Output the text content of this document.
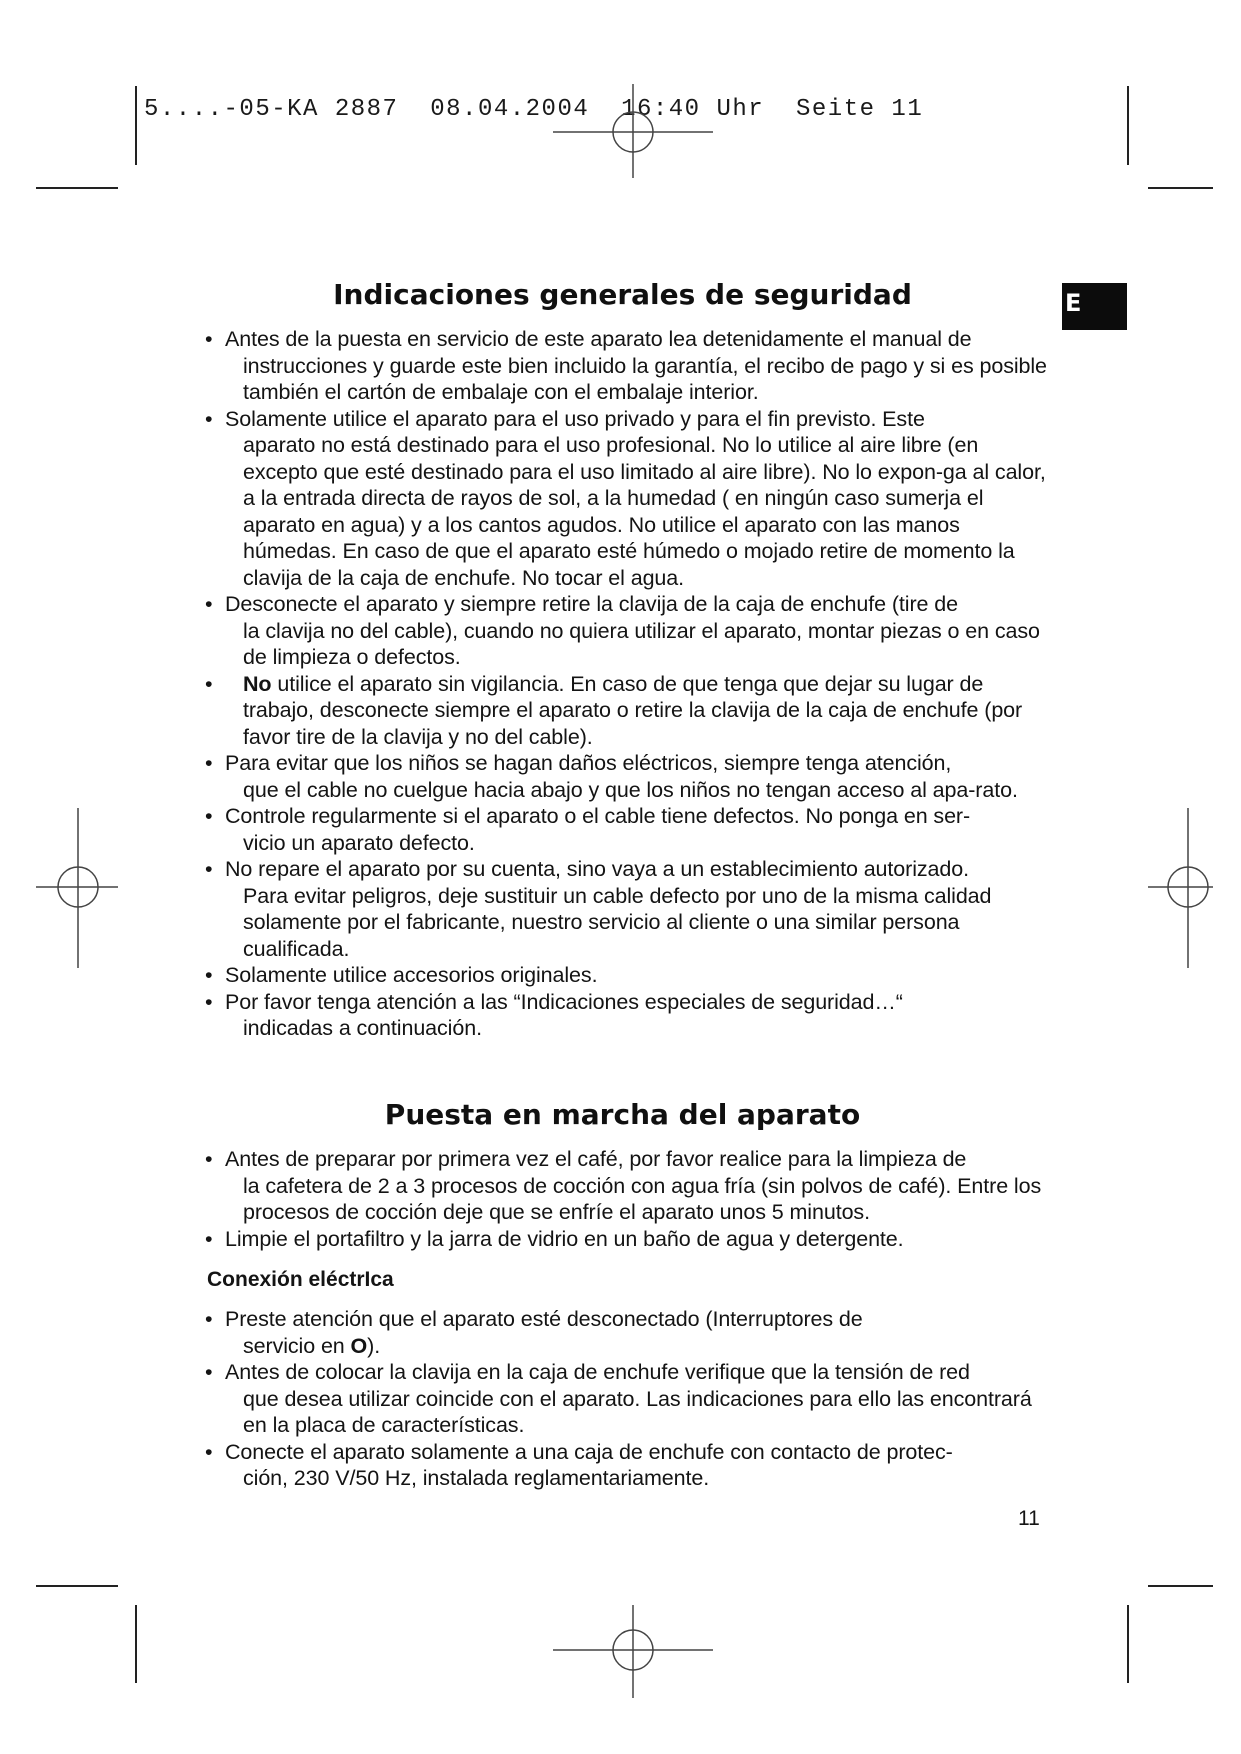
5....-05-KA 2887  08.04.2004  16:40 Uhr  Seite 11
E
Indicaciones generales de seguridad
• Antes de la puesta en servicio de este aparato lea detenidamente el manual de
instrucciones y guarde este bien incluido la garantía, el recibo de pago y si es posible también el cartón de embalaje con el embalaje interior.
• Solamente utilice el aparato para el uso privado y para el fin previsto. Este
aparato no está destinado para el uso profesional. No lo utilice al aire libre (en excepto que esté destinado para el uso limitado al aire libre). No lo expon-ga al calor, a la entrada directa de rayos de sol, a la humedad ( en ningún caso sumerja el aparato en agua) y a los cantos agudos. No utilice el aparato con las manos húmedas. En caso de que el aparato esté húmedo o mojado retire de momento la clavija de la caja de enchufe. No tocar el agua.
• Desconecte el aparato y siempre retire la clavija de la caja de enchufe (tire de
la clavija no del cable), cuando no quiera utilizar el aparato, montar piezas o en caso de limpieza o defectos.
• No utilice el aparato sin vigilancia. En caso de que tenga que dejar su lugar de
trabajo, desconecte siempre el aparato o retire la clavija de la caja de enchufe (por favor tire de la clavija y no del cable).
• Para evitar que los niños se hagan daños eléctricos, siempre tenga atención,
que el cable no cuelgue hacia abajo y que los niños no tengan acceso al apa-rato.
• Controle regularmente si el aparato o el cable tiene defectos. No ponga en ser-
vicio un aparato defecto.
• No repare el aparato por su cuenta, sino vaya a un establecimiento autorizado.
Para evitar peligros, deje sustituir un cable defecto por uno de la misma calidad solamente por el fabricante, nuestro servicio al cliente o una similar persona cualificada.
• Solamente utilice accesorios originales.
• Por favor tenga atención a las “Indicaciones especiales de seguridad…“
indicadas a continuación.
Puesta en marcha del aparato
• Antes de preparar por primera vez el café, por favor realice para la limpieza de
la cafetera de 2 a 3 procesos de cocción con agua fría (sin polvos de café). Entre los procesos de cocción deje que se enfríe el aparato unos 5 minutos.
• Limpie el portafiltro y la jarra de vidrio en un baño de agua y detergente.
Conexión eléctrIca
• Preste atención que el aparato esté desconectado (Interruptores de
servicio en O).
• Antes de colocar la clavija en la caja de enchufe verifique que la tensión de red
que desea utilizar coincide con el aparato. Las indicaciones para ello las encontrará en la placa de características.
• Conecte el aparato solamente a una caja de enchufe con contacto de protec-
ción, 230 V/50 Hz, instalada reglamentariamente.
11
